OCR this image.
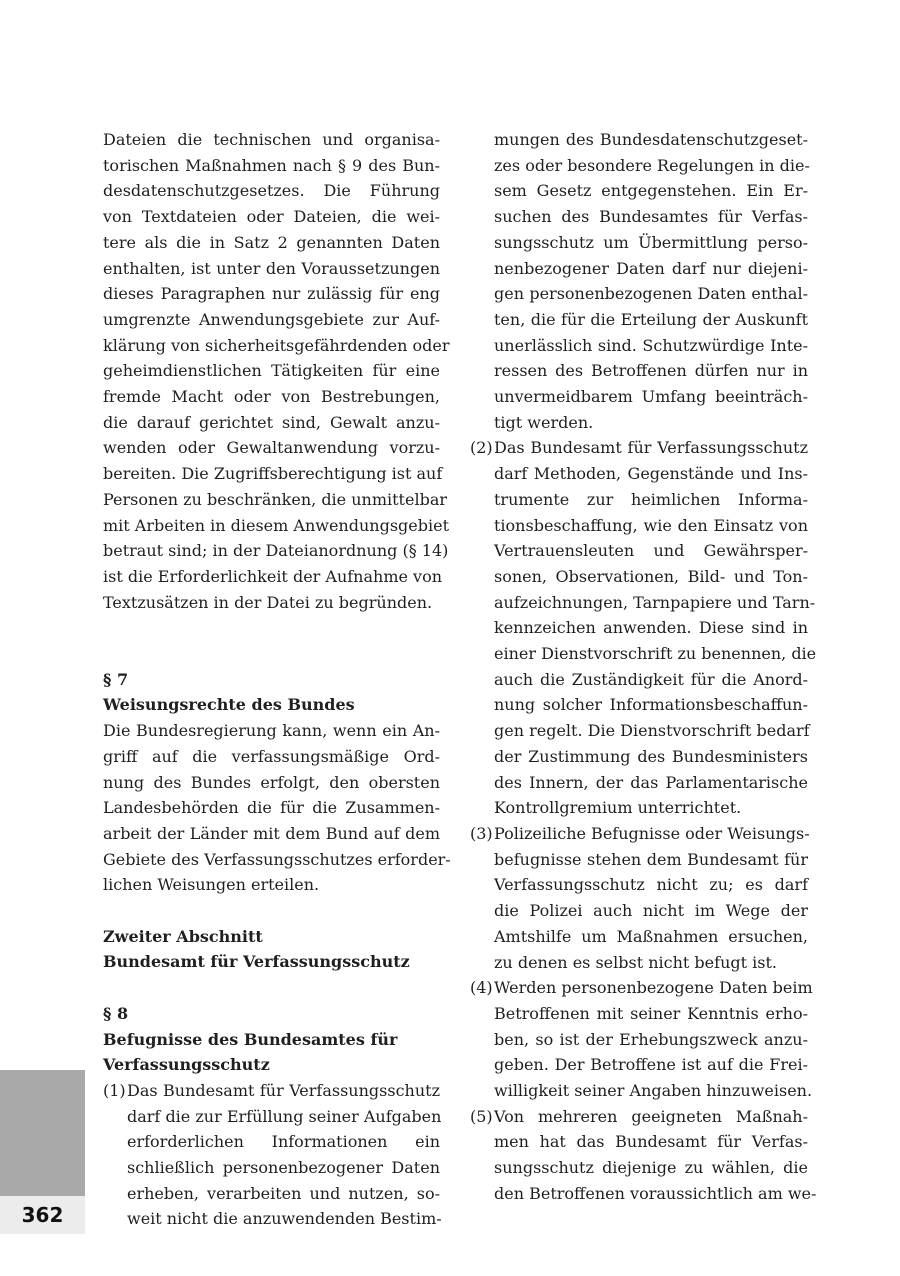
Dateien die technischen und organisa-
torischen Maßnahmen nach § 9 des Bun-
desdatenschutzgesetzes. Die Führung
von Textdateien oder Dateien, die wei-
tere als die in Satz 2 genannten Daten
enthalten, ist unter den Voraussetzungen
dieses Paragraphen nur zulässig für eng
umgrenzte Anwendungsgebiete zur Auf-
klärung von sicherheitsgefährdenden oder
geheimdienstlichen Tätigkeiten für eine
fremde Macht oder von Bestrebungen,
die darauf gerichtet sind, Gewalt anzu-
wenden oder Gewaltanwendung vorzu-
bereiten. Die Zugriffsberechtigung ist auf
Personen zu beschränken, die unmittelbar
mit Arbeiten in diesem Anwendungsgebiet
betraut sind; in der Dateianordnung (§ 14)
ist die Erforderlichkeit der Aufnahme von
Textzusätzen in der Datei zu begründen.
§ 7
Weisungsrechte des Bundes
Die Bundesregierung kann, wenn ein An-
griff auf die verfassungsmäßige Ord-
nung des Bundes erfolgt, den obersten
Landesbehörden die für die Zusammen-
arbeit der Länder mit dem Bund auf dem
Gebiete des Verfassungsschutzes erforder-
lichen Weisungen erteilen.
Zweiter Abschnitt
Bundesamt für Verfassungsschutz
§ 8
Befugnisse des Bundesamtes für
Verfassungsschutz
(1) Das Bundesamt für Verfassungsschutz
darf die zur Erfüllung seiner Aufgaben
erforderlichen Informationen ein
schließlich personenbezogener Daten
erheben, verarbeiten und nutzen, so-
weit nicht die anzuwendenden Bestim-
mungen des Bundesdatenschutzgeset-
zes oder besondere Regelungen in die-
sem Gesetz entgegenstehen. Ein Er-
suchen des Bundesamtes für Verfas-
sungsschutz um Übermittlung perso-
nenbezogener Daten darf nur diejeni-
gen personenbezogenen Daten enthal-
ten, die für die Erteilung der Auskunft
unerlässlich sind. Schutzwürdige Inte-
ressen des Betroffenen dürfen nur in
unvermeidbarem Umfang beeinträch-
tigt werden.
(2) Das Bundesamt für Verfassungsschutz
darf Methoden, Gegenstände und Ins-
trumente zur heimlichen Informa-
tionsbeschaffung, wie den Einsatz von
Vertrauensleuten und Gewährsper-
sonen, Observationen, Bild- und Ton-
aufzeichnungen, Tarnpapiere und Tarn-
kennzeichen anwenden. Diese sind in
einer Dienstvorschrift zu benennen, die
auch die Zuständigkeit für die Anord-
nung solcher Informationsbeschaffun-
gen regelt. Die Dienstvorschrift bedarf
der Zustimmung des Bundesministers
des Innern, der das Parlamentarische
Kontrollgremium unterrichtet.
(3) Polizeiliche Befugnisse oder Weisungs-
befugnisse stehen dem Bundesamt für
Verfassungsschutz nicht zu; es darf
die Polizei auch nicht im Wege der
Amtshilfe um Maßnahmen ersuchen,
zu denen es selbst nicht befugt ist.
(4) Werden personenbezogene Daten beim
Betroffenen mit seiner Kenntnis erho-
ben, so ist der Erhebungszweck anzu-
geben. Der Betroffene ist auf die Frei-
willigkeit seiner Angaben hinzuweisen.
(5) Von mehreren geeigneten Maßnah-
men hat das Bundesamt für Verfas-
sungsschutz diejenige zu wählen, die
den Betroffenen voraussichtlich am we-
362
